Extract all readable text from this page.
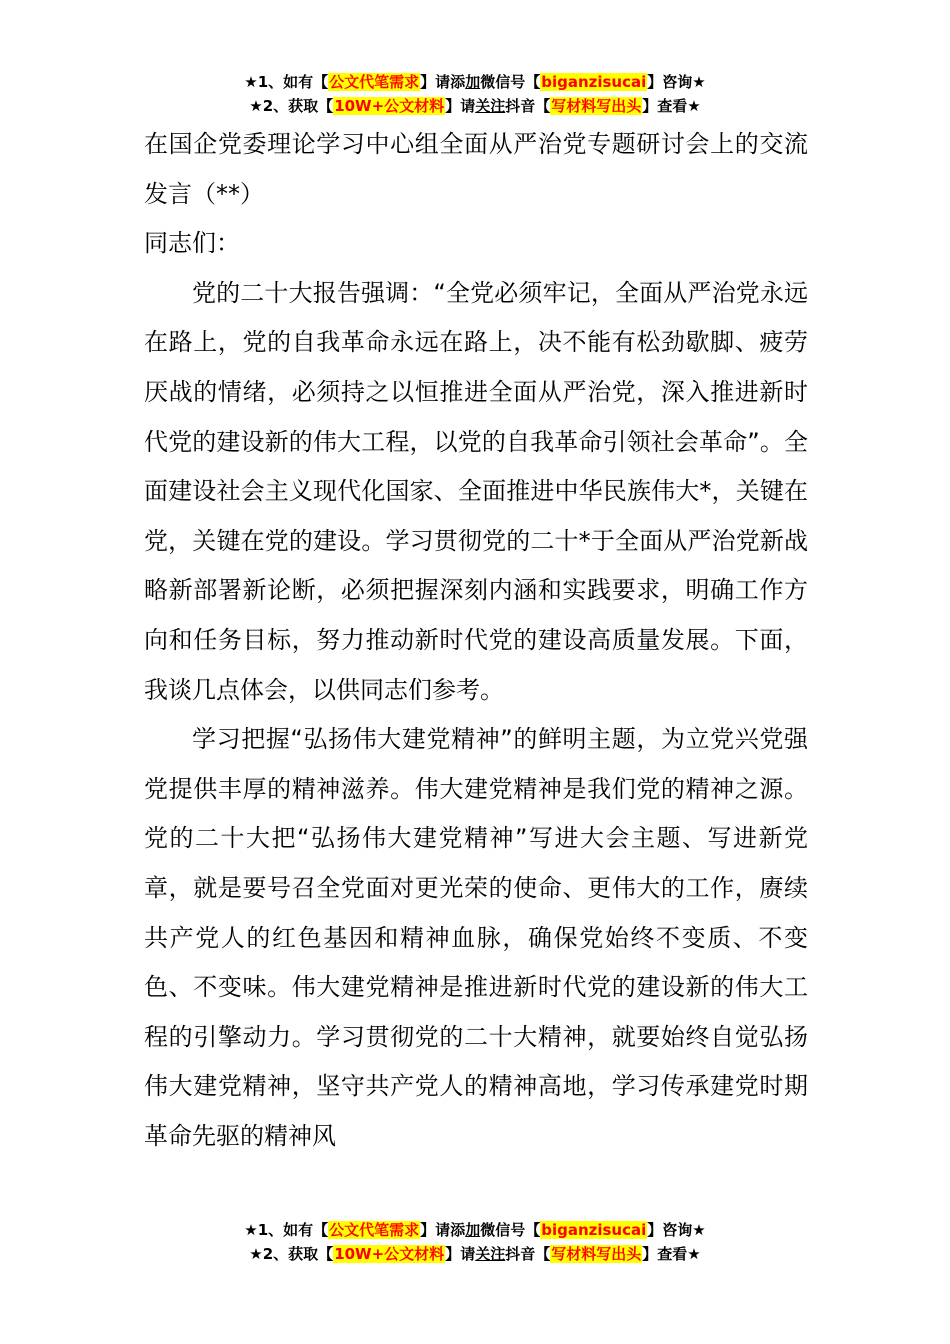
★1、如有【公文代笔需求】请添加微信号【biganzisucai】咨询★
★2、获取【10W+公文材料】请关注抖音【写材料写出头】查看★

在国企党委理论学习中心组全面从严治党专题研讨会上的交流发言（**）

同志们：

党的二十大报告强调：“全党必须牢记，全面从严治党永远在路上，党的自我革命永远在路上，决不能有松劲歇脚、疲劳厌战的情绪，必须持之以恒推进全面从严治党，深入推进新时代党的建设新的伟大工程，以党的自我革命引领社会革命”。全面建设社会主义现代化国家、全面推进中华民族伟大*，关键在党，关键在党的建设。学习贯彻党的二十*于全面从严治党新战略新部署新论断，必须把握深刻内涵和实践要求，明确工作方向和任务目标，努力推动新时代党的建设高质量发展。下面，我谈几点体会，以供同志们参考。

学习把握“弘扬伟大建党精神”的鲜明主题，为立党兴党强党提供丰厚的精神滋养。伟大建党精神是我们党的精神之源。党的二十大把“弘扬伟大建党精神”写进大会主题、写进新党章，就是要号召全党面对更光荣的使命、更伟大的工作，赓续共产党人的红色基因和精神血脉，确保党始终不变质、不变色、不变味。伟大建党精神是推进新时代党的建设新的伟大工程的引擎动力。学习贯彻党的二十大精神，就要始终自觉弘扬伟大建党精神，坚守共产党人的精神高地，学习传承建党时期革命先驱的精神风

★1、如有【公文代笔需求】请添加微信号【biganzisucai】咨询★
★2、获取【10W+公文材料】请关注抖音【写材料写出头】查看★
